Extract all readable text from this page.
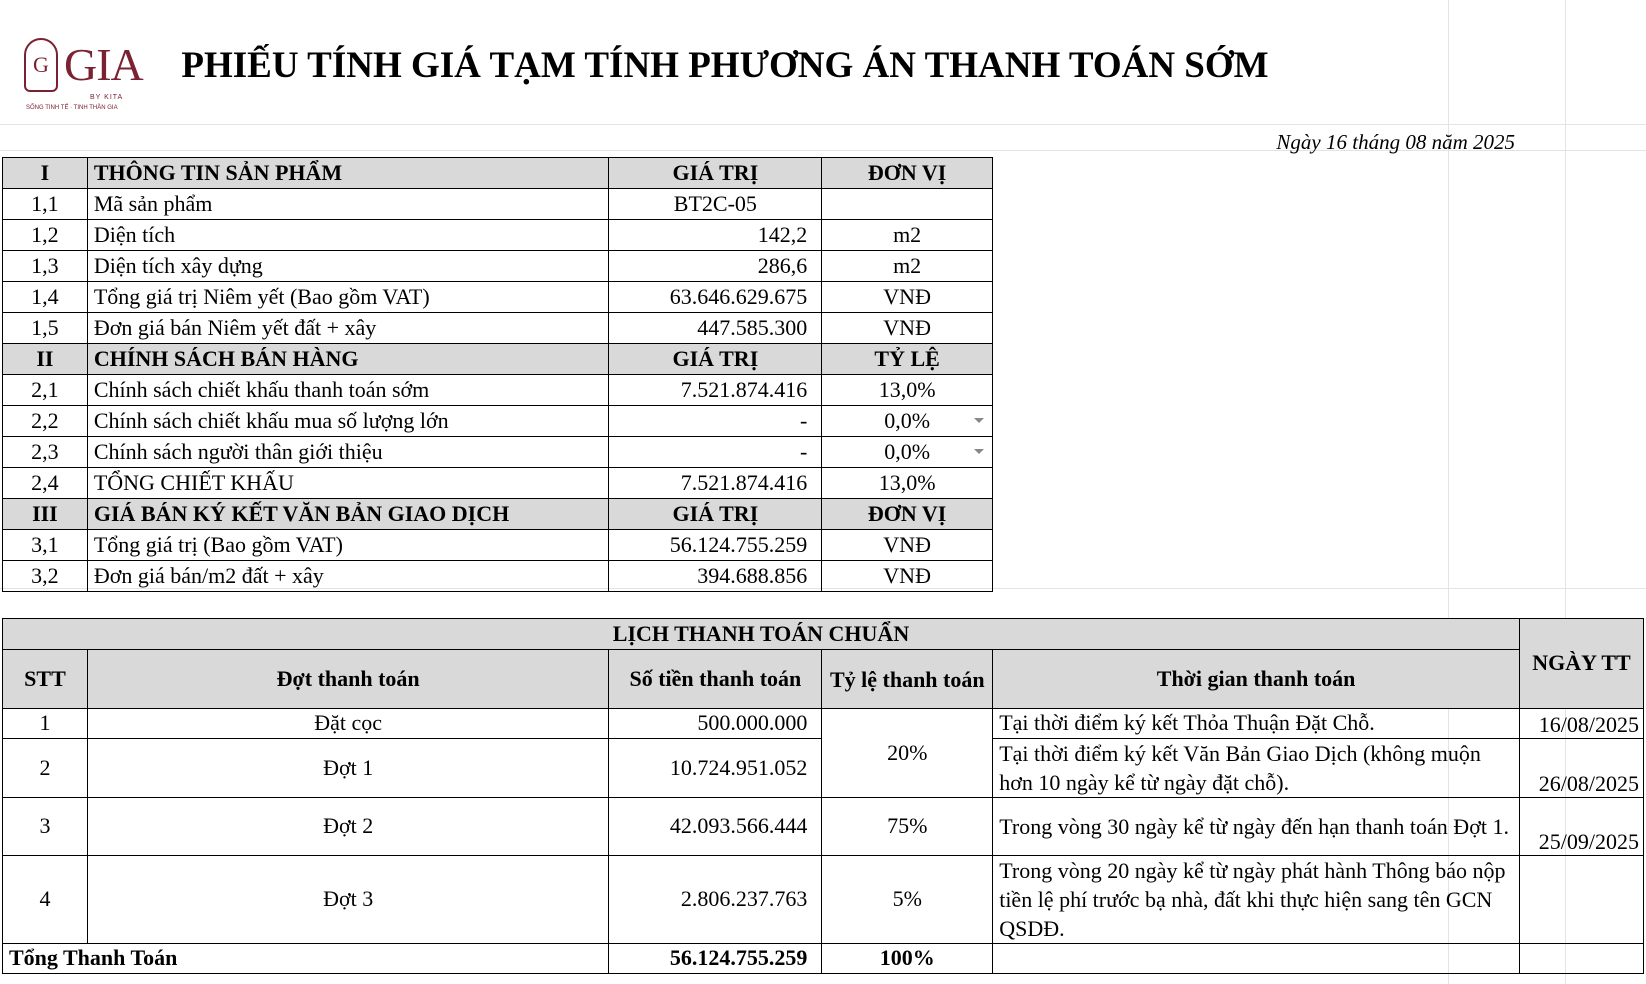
G GIA
BY KITA
SỐNG TINH TẾ · TINH THẦN GIA
PHIẾU TÍNH GIÁ TẠM TÍNH PHƯƠNG ÁN THANH TOÁN SỚM
Ngày 16 tháng 08 năm 2025
I	THÔNG TIN SẢN PHẨM	GIÁ TRỊ	ĐƠN VỊ
1,1	Mã sản phẩm	BT2C-05	
1,2	Diện tích	142,2	m2
1,3	Diện tích xây dựng	286,6	m2
1,4	Tổng giá trị Niêm yết (Bao gồm VAT)	63.646.629.675	VNĐ
1,5	Đơn giá bán Niêm yết đất + xây	447.585.300	VNĐ
II	CHÍNH SÁCH BÁN HÀNG	GIÁ TRỊ	TỶ LỆ
2,1	Chính sách chiết khấu thanh toán sớm	7.521.874.416	13,0%
2,2	Chính sách chiết khấu mua số lượng lớn	-	0,0%

2,3	Chính sách người thân giới thiệu	-	0,0%

2,4	TỔNG CHIẾT KHẤU	7.521.874.416	13,0%
III	GIÁ BÁN KÝ KẾT VĂN BẢN GIAO DỊCH	GIÁ TRỊ	ĐƠN VỊ
3,1	Tổng giá trị (Bao gồm VAT)	56.124.755.259	VNĐ
3,2	Đơn giá bán/m2 đất + xây	394.688.856	VNĐ
LỊCH THANH TOÁN CHUẨN					NGÀY TT
STT	Đợt thanh toán	Số tiền thanh toán	Tỷ lệ thanh toán	Thời gian thanh toán	
1	Đặt cọc	500.000.000	20%	Tại thời điểm ký kết Thỏa Thuận Đặt Chỗ.	16/08/2025
2	Đợt 1	10.724.951.052		Tại thời điểm ký kết Văn Bản Giao Dịch (không muộn hơn 10 ngày kể từ ngày đặt chỗ).	26/08/2025
3	Đợt 2	42.093.566.444	75%	Trong vòng 30 ngày kể từ ngày đến hạn thanh toán Đợt 1.	25/09/2025
4	Đợt 3	2.806.237.763	5%	Trong vòng 20 ngày kể từ ngày phát hành Thông báo nộp tiền lệ phí trước bạ nhà, đất khi thực hiện sang tên GCN QSDĐ.	
Tổng Thanh Toán		56.124.755.259	100%		
